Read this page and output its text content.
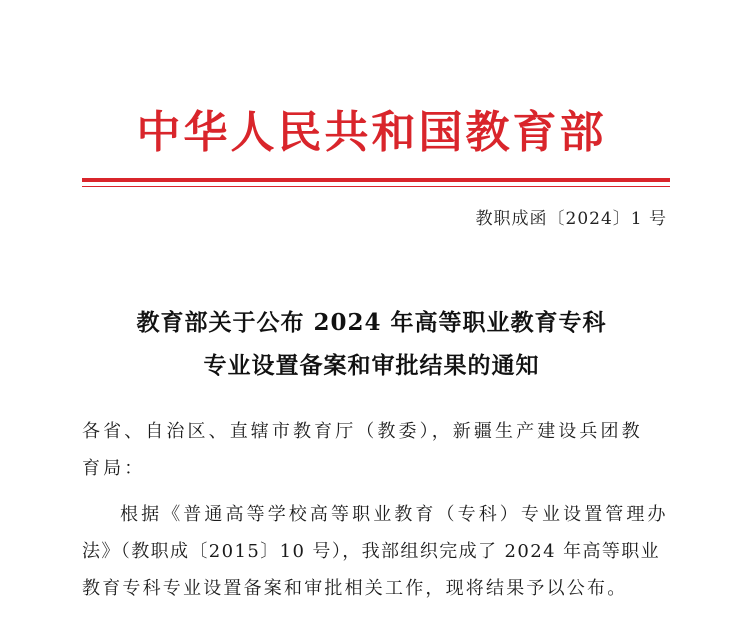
中华人民共和国教育部
教职成函〔2024〕1 号
教育部关于公布 2024 年高等职业教育专科
专业设置备案和审批结果的通知
各省、自治区、直辖市教育厅（教委），新疆生产建设兵团教
育局：
根据《普通高等学校高等职业教育（专科）专业设置管理办
法》（教职成〔2015〕10 号），我部组织完成了 2024 年高等职业
教育专科专业设置备案和审批相关工作，现将结果予以公布。
